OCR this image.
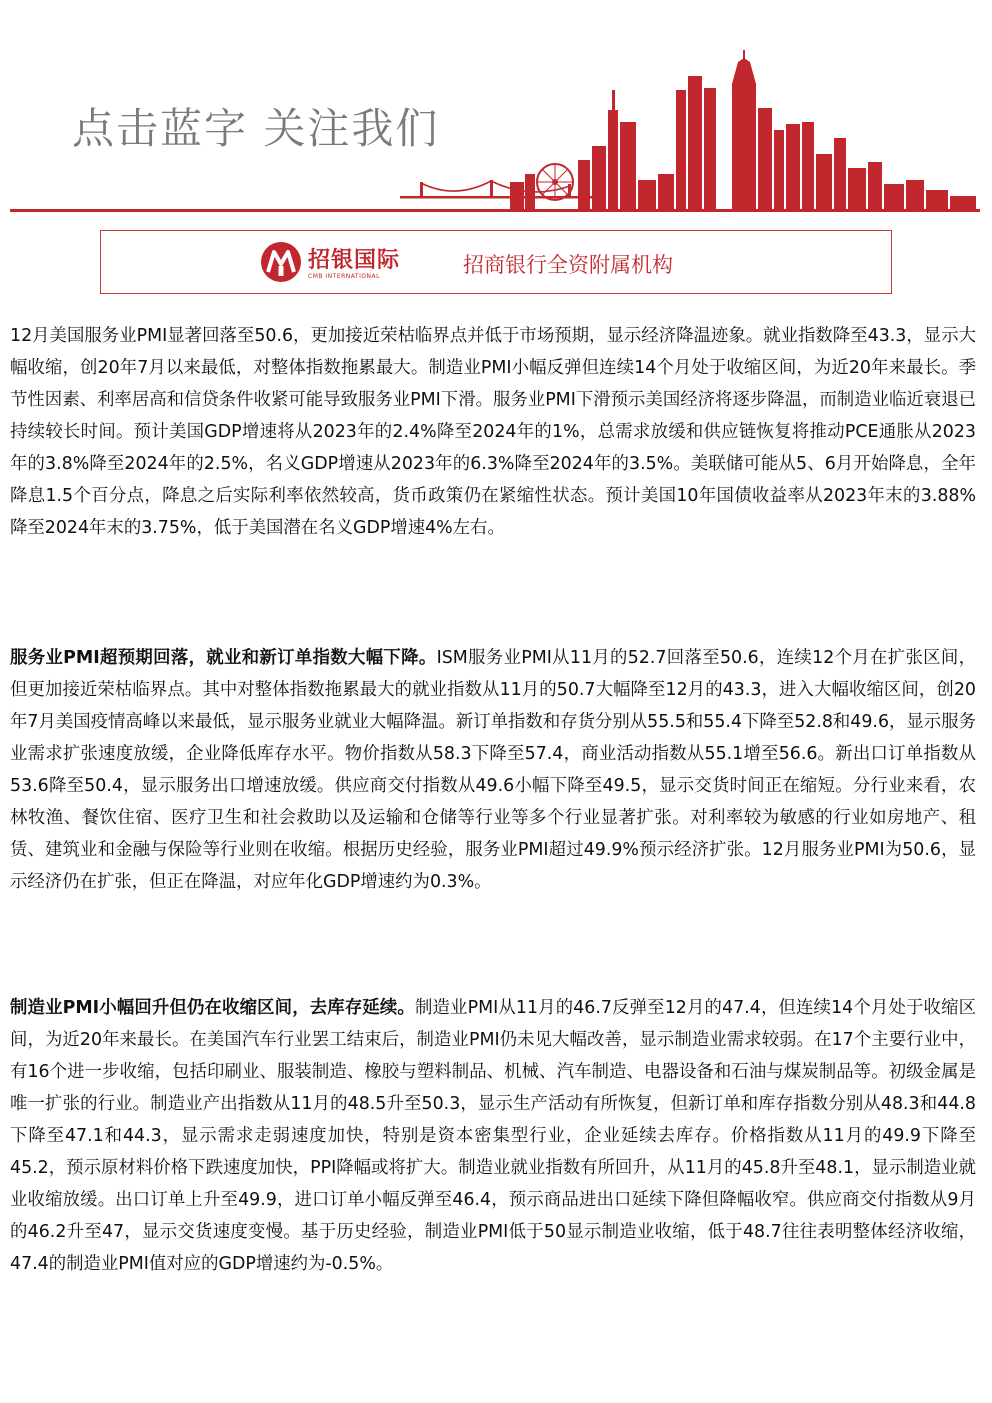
点击蓝字 关注我们
招银国际
CMB INTERNATIONAL	招商银行全资附属机构

12月美国服务业PMI显著回落至50.6，更加接近荣枯临界点并低于市场预期，显示经济降温迹象。就业指数降至43.3，显示大幅收缩，创20年7月以来最低，对整体指数拖累最大。制造业PMI小幅反弹但连续14个月处于收缩区间，为近20年来最长。季节性因素、利率居高和信贷条件收紧可能导致服务业PMI下滑。服务业PMI下滑预示美国经济将逐步降温，而制造业临近衰退已持续较长时间。预计美国GDP增速将从2023年的2.4%降至2024年的1%，总需求放缓和供应链恢复将推动PCE通胀从2023年的3.8%降至2024年的2.5%，名义GDP增速从2023年的6.3%降至2024年的3.5%。美联储可能从5、6月开始降息，全年降息1.5个百分点，降息之后实际利率依然较高，货币政策仍在紧缩性状态。预计美国10年国债收益率从2023年末的3.88%降至2024年末的3.75%，低于美国潜在名义GDP增速4%左右。

服务业PMI超预期回落，就业和新订单指数大幅下降。ISM服务业PMI从11月的52.7回落至50.6，连续12个月在扩张区间，但更加接近荣枯临界点。其中对整体指数拖累最大的就业指数从11月的50.7大幅降至12月的43.3，进入大幅收缩区间，创20年7月美国疫情高峰以来最低，显示服务业就业大幅降温。新订单指数和存货分别从55.5和55.4下降至52.8和49.6，显示服务业需求扩张速度放缓，企业降低库存水平。物价指数从58.3下降至57.4，商业活动指数从55.1增至56.6。新出口订单指数从53.6降至50.4，显示服务出口增速放缓。供应商交付指数从49.6小幅下降至49.5，显示交货时间正在缩短。分行业来看，农林牧渔、餐饮住宿、医疗卫生和社会救助以及运输和仓储等行业等多个行业显著扩张。对利率较为敏感的行业如房地产、租赁、建筑业和金融与保险等行业则在收缩。根据历史经验，服务业PMI超过49.9%预示经济扩张。12月服务业PMI为50.6，显示经济仍在扩张，但正在降温，对应年化GDP增速约为0.3%。

制造业PMI小幅回升但仍在收缩区间，去库存延续。制造业PMI从11月的46.7反弹至12月的47.4，但连续14个月处于收缩区间，为近20年来最长。在美国汽车行业罢工结束后，制造业PMI仍未见大幅改善，显示制造业需求较弱。在17个主要行业中，有16个进一步收缩，包括印刷业、服装制造、橡胶与塑料制品、机械、汽车制造、电器设备和石油与煤炭制品等。初级金属是唯一扩张的行业。制造业产出指数从11月的48.5升至50.3，显示生产活动有所恢复，但新订单和库存指数分别从48.3和44.8下降至47.1和44.3，显示需求走弱速度加快，特别是资本密集型行业，企业延续去库存。价格指数从11月的49.9下降至45.2，预示原材料价格下跌速度加快，PPI降幅或将扩大。制造业就业指数有所回升，从11月的45.8升至48.1，显示制造业就业收缩放缓。出口订单上升至49.9，进口订单小幅反弹至46.4，预示商品进出口延续下降但降幅收窄。供应商交付指数从9月的46.2升至47，显示交货速度变慢。基于历史经验，制造业PMI低于50显示制造业收缩，低于48.7往往表明整体经济收缩，47.4的制造业PMI值对应的GDP增速约为-0.5%。
